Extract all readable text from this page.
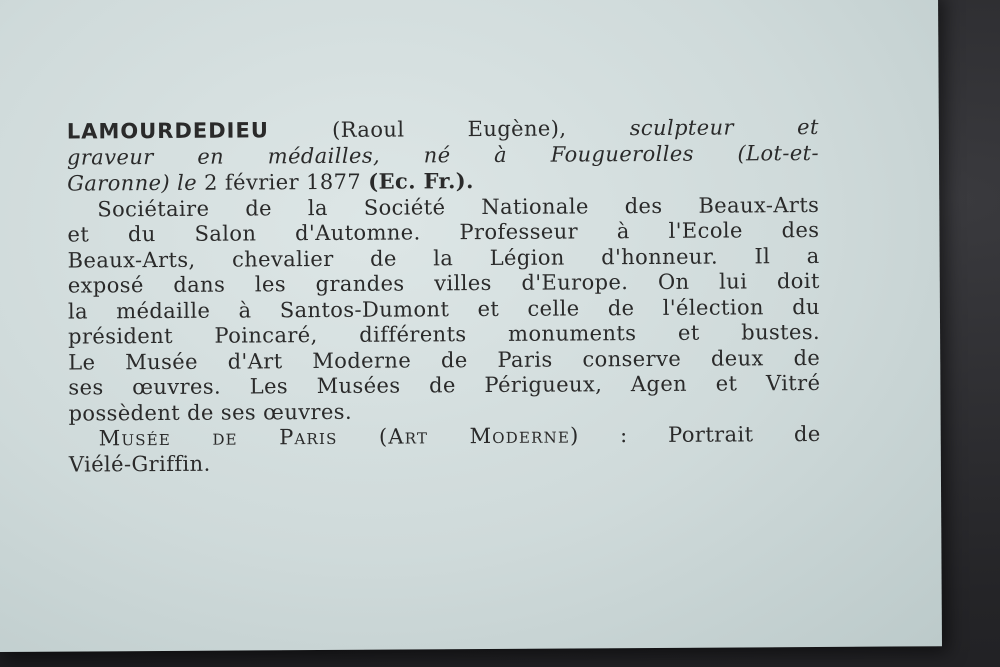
LAMOURDEDIEU	(Raoul Eugène),	sculpteur et
graveur en médailles, né à Fouguerolles (Lot-et-
Garonne) le 2 février 1877 (Ec. Fr.).
Sociétaire de la Société Nationale des Beaux-Arts
et du Salon d'Automne. Professeur à l'Ecole des
Beaux-Arts, chevalier de la Légion d'honneur. Il a
exposé dans les grandes villes d'Europe. On lui doit
la médaille à Santos-Dumont et celle de l'élection du
président Poincaré, différents monuments et bustes.
Le Musée d'Art Moderne de Paris conserve deux de
ses œuvres. Les Musées de Périgueux, Agen et Vitré
possèdent de ses œuvres.
Musée de Paris (Art Moderne) : Portrait de
Viélé-Griffin.
